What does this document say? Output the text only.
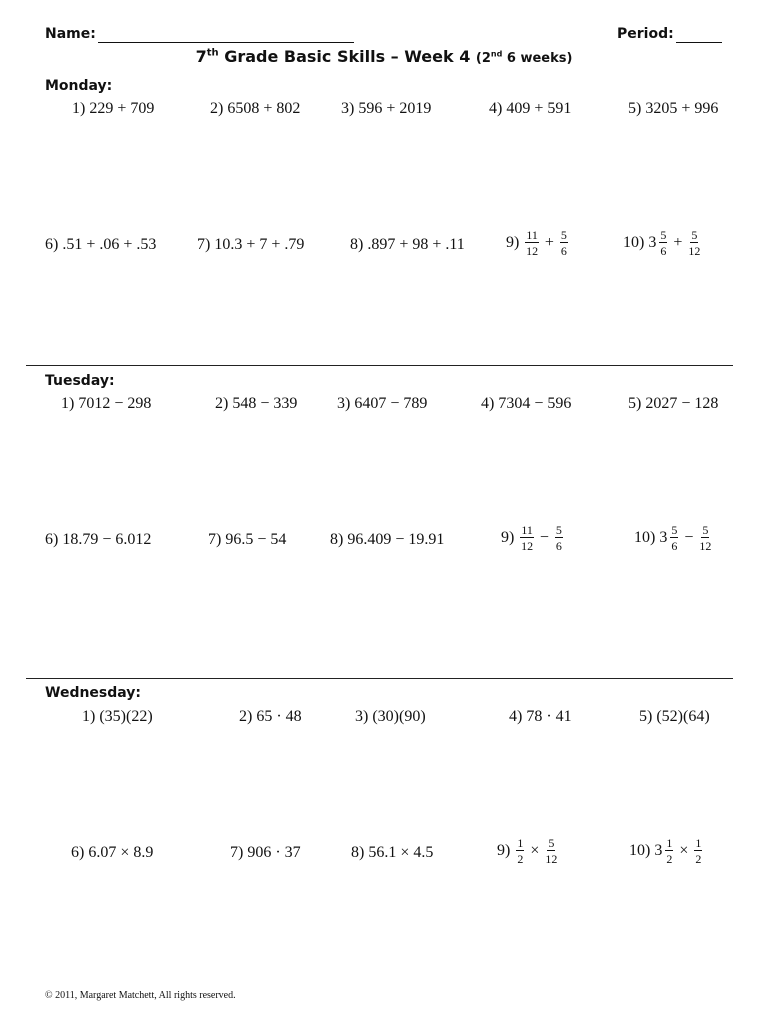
Name:	Period:
7th Grade Basic Skills – Week 4 (2nd 6 weeks)
Monday:
1) 229 + 709	2) 6508 + 802	3) 596 + 2019	4) 409 + 591	5) 3205 + 996
6) .51 + .06 + .53	7) 10.3 + 7 + .79	8) .897 + 98 + .11	$9) \frac{11}{12} + \frac{5}{6}$	10) $3 \frac{5}{6} + \frac{5}{12}$
Tuesday:
1) 7012 − 298	2) 548 − 339 3) 6407 − 789	4) 7304 − 596	5) 2027 − 128
6) 18.79 − 6.012	7) 96.5 − 54	8) 96.409 − 19.91	$9) \frac{11}{12} - \frac{5}{6}$	10) $3 \frac{5}{6} - \frac{5}{12}$
Wednesday:
1) (35)(22)	2) 65 · 48	3) (30)(90)	4) 78 · 41	5) (52)(64)
6) 6.07 × 8.9	7) 906 · 37	8) 56.1 × 4.5	$9) \frac{1}{2} \times \frac{5}{12}$	10) $3 \frac{1}{2} \times \frac{1}{2}$
© 2011, Margaret Matchett, All rights reserved.
